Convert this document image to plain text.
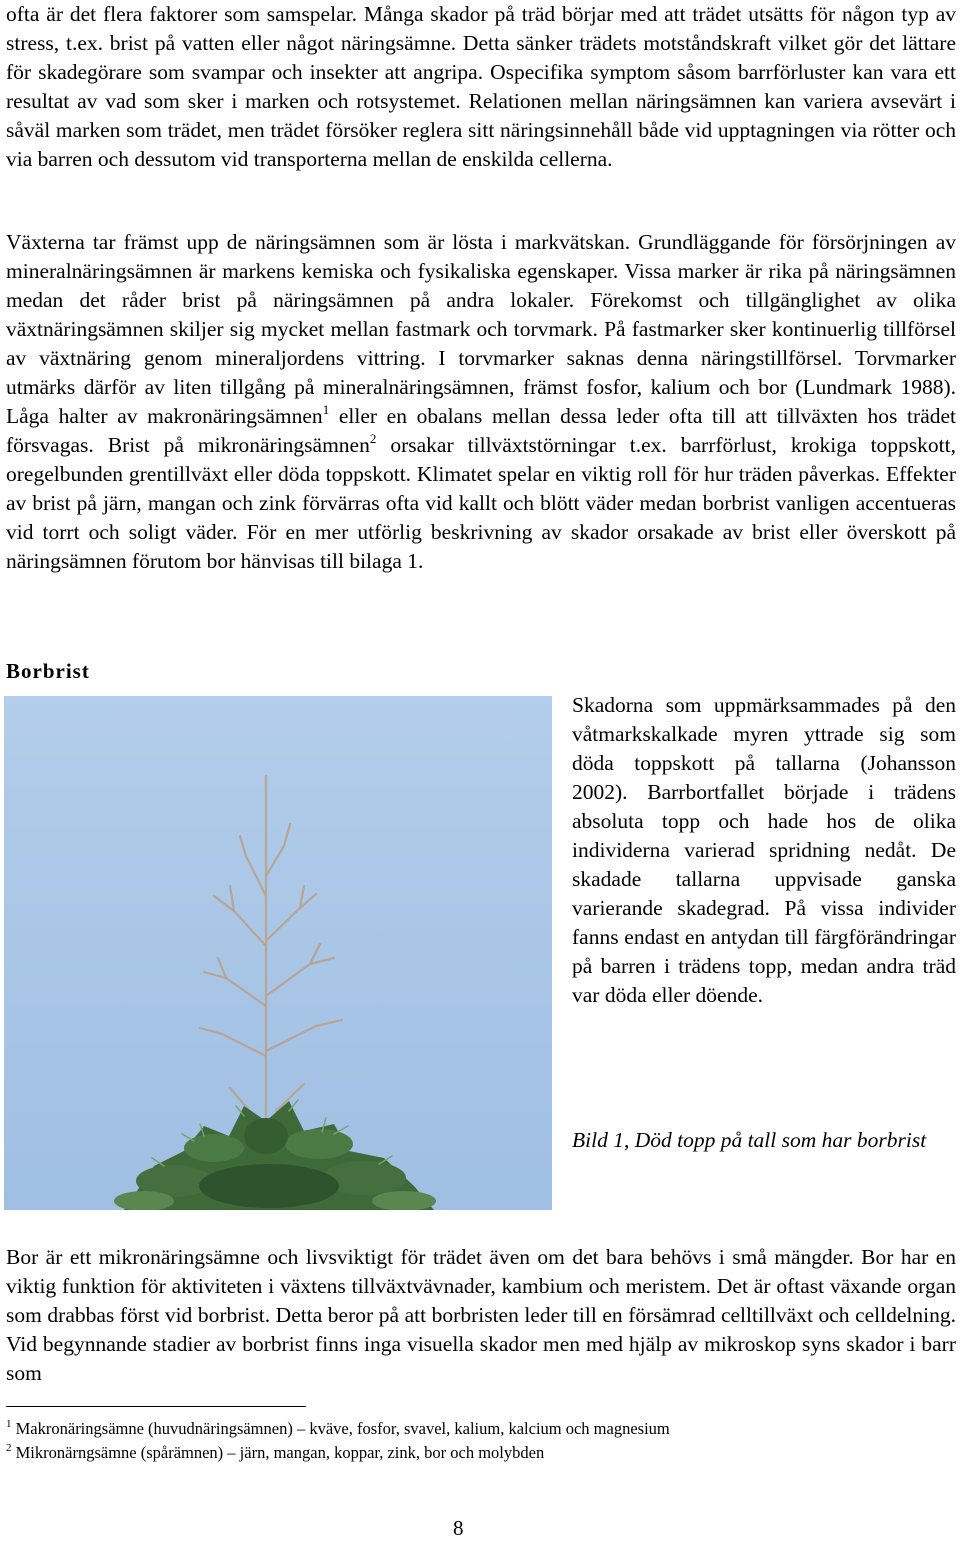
ofta är det flera faktorer som samspelar. Många skador på träd börjar med att trädet utsätts för någon typ av stress, t.ex. brist på vatten eller något näringsämne. Detta sänker trädets motståndskraft vilket gör det lättare för skadegörare som svampar och insekter att angripa. Ospecifika symptom såsom barrförluster kan vara ett resultat av vad som sker i marken och rotsystemet. Relationen mellan näringsämnen kan variera avsevärt i såväl marken som trädet, men trädet försöker reglera sitt näringsinnehåll både vid upptagningen via rötter och via barren och dessutom vid transporterna mellan de enskilda cellerna.

Växterna tar främst upp de näringsämnen som är lösta i markvätskan. Grundläggande för försörjningen av mineralnäringsämnen är markens kemiska och fysikaliska egenskaper. Vissa marker är rika på näringsämnen medan det råder brist på näringsämnen på andra lokaler. Förekomst och tillgänglighet av olika växtnäringsämnen skiljer sig mycket mellan fastmark och torvmark. På fastmarker sker kontinuerlig tillförsel av växtnäring genom mineraljordens vittring. I torvmarker saknas denna näringstillförsel. Torvmarker utmärks därför av liten tillgång på mineralnäringsämnen, främst fosfor, kalium och bor (Lundmark 1988). Låga halter av makronäringsämnen$^1$ eller en obalans mellan dessa leder ofta till att tillväxten hos trädet försvagas. Brist på mikronäringsämnen$^2$ orsakar tillväxtstörningar t.ex. barrförlust, krokiga toppskott, oregelbunden grentillväxt eller döda toppskott. Klimatet spelar en viktig roll för hur träden påverkas. Effekter av brist på järn, mangan och zink förvärras ofta vid kallt och blött väder medan borbrist vanligen accentueras vid torrt och soligt väder. För en mer utförlig beskrivning av skador orsakade av brist eller överskott på näringsämnen förutom bor hänvisas till bilaga 1.

Borbrist

Skadorna som uppmärksammades på den våtmarkskalkade myren yttrade sig som döda toppskott på tallarna (Johansson 2002). Barrbortfallet började i trädens absoluta topp och hade hos de olika individerna varierad spridning nedåt. De skadade tallarna uppvisade ganska varierande skadegrad. På vissa individer fanns endast en antydan till färgförändringar på barren i trädens topp, medan andra träd var döda eller döende.

Bild 1, Död topp på tall som har borbrist

Bor är ett mikronäringsämne och livsviktigt för trädet även om det bara behövs i små mängder. Bor har en viktig funktion för aktiviteten i växtens tillväxtvävnader, kambium och meristem. Det är oftast växande organ som drabbas först vid borbrist. Detta beror på att borbristen leder till en försämrad celltillväxt och celldelning. Vid begynnande stadier av borbrist finns inga visuella skador men med hjälp av mikroskop syns skador i barr som

$^1$ Makronäringsämne (huvudnäringsämnen) – kväve, fosfor, svavel, kalium, kalcium och magnesium

$^2$ Mikronärngsämne (spårämnen) – järn, mangan, koppar, zink, bor och molybden

8
